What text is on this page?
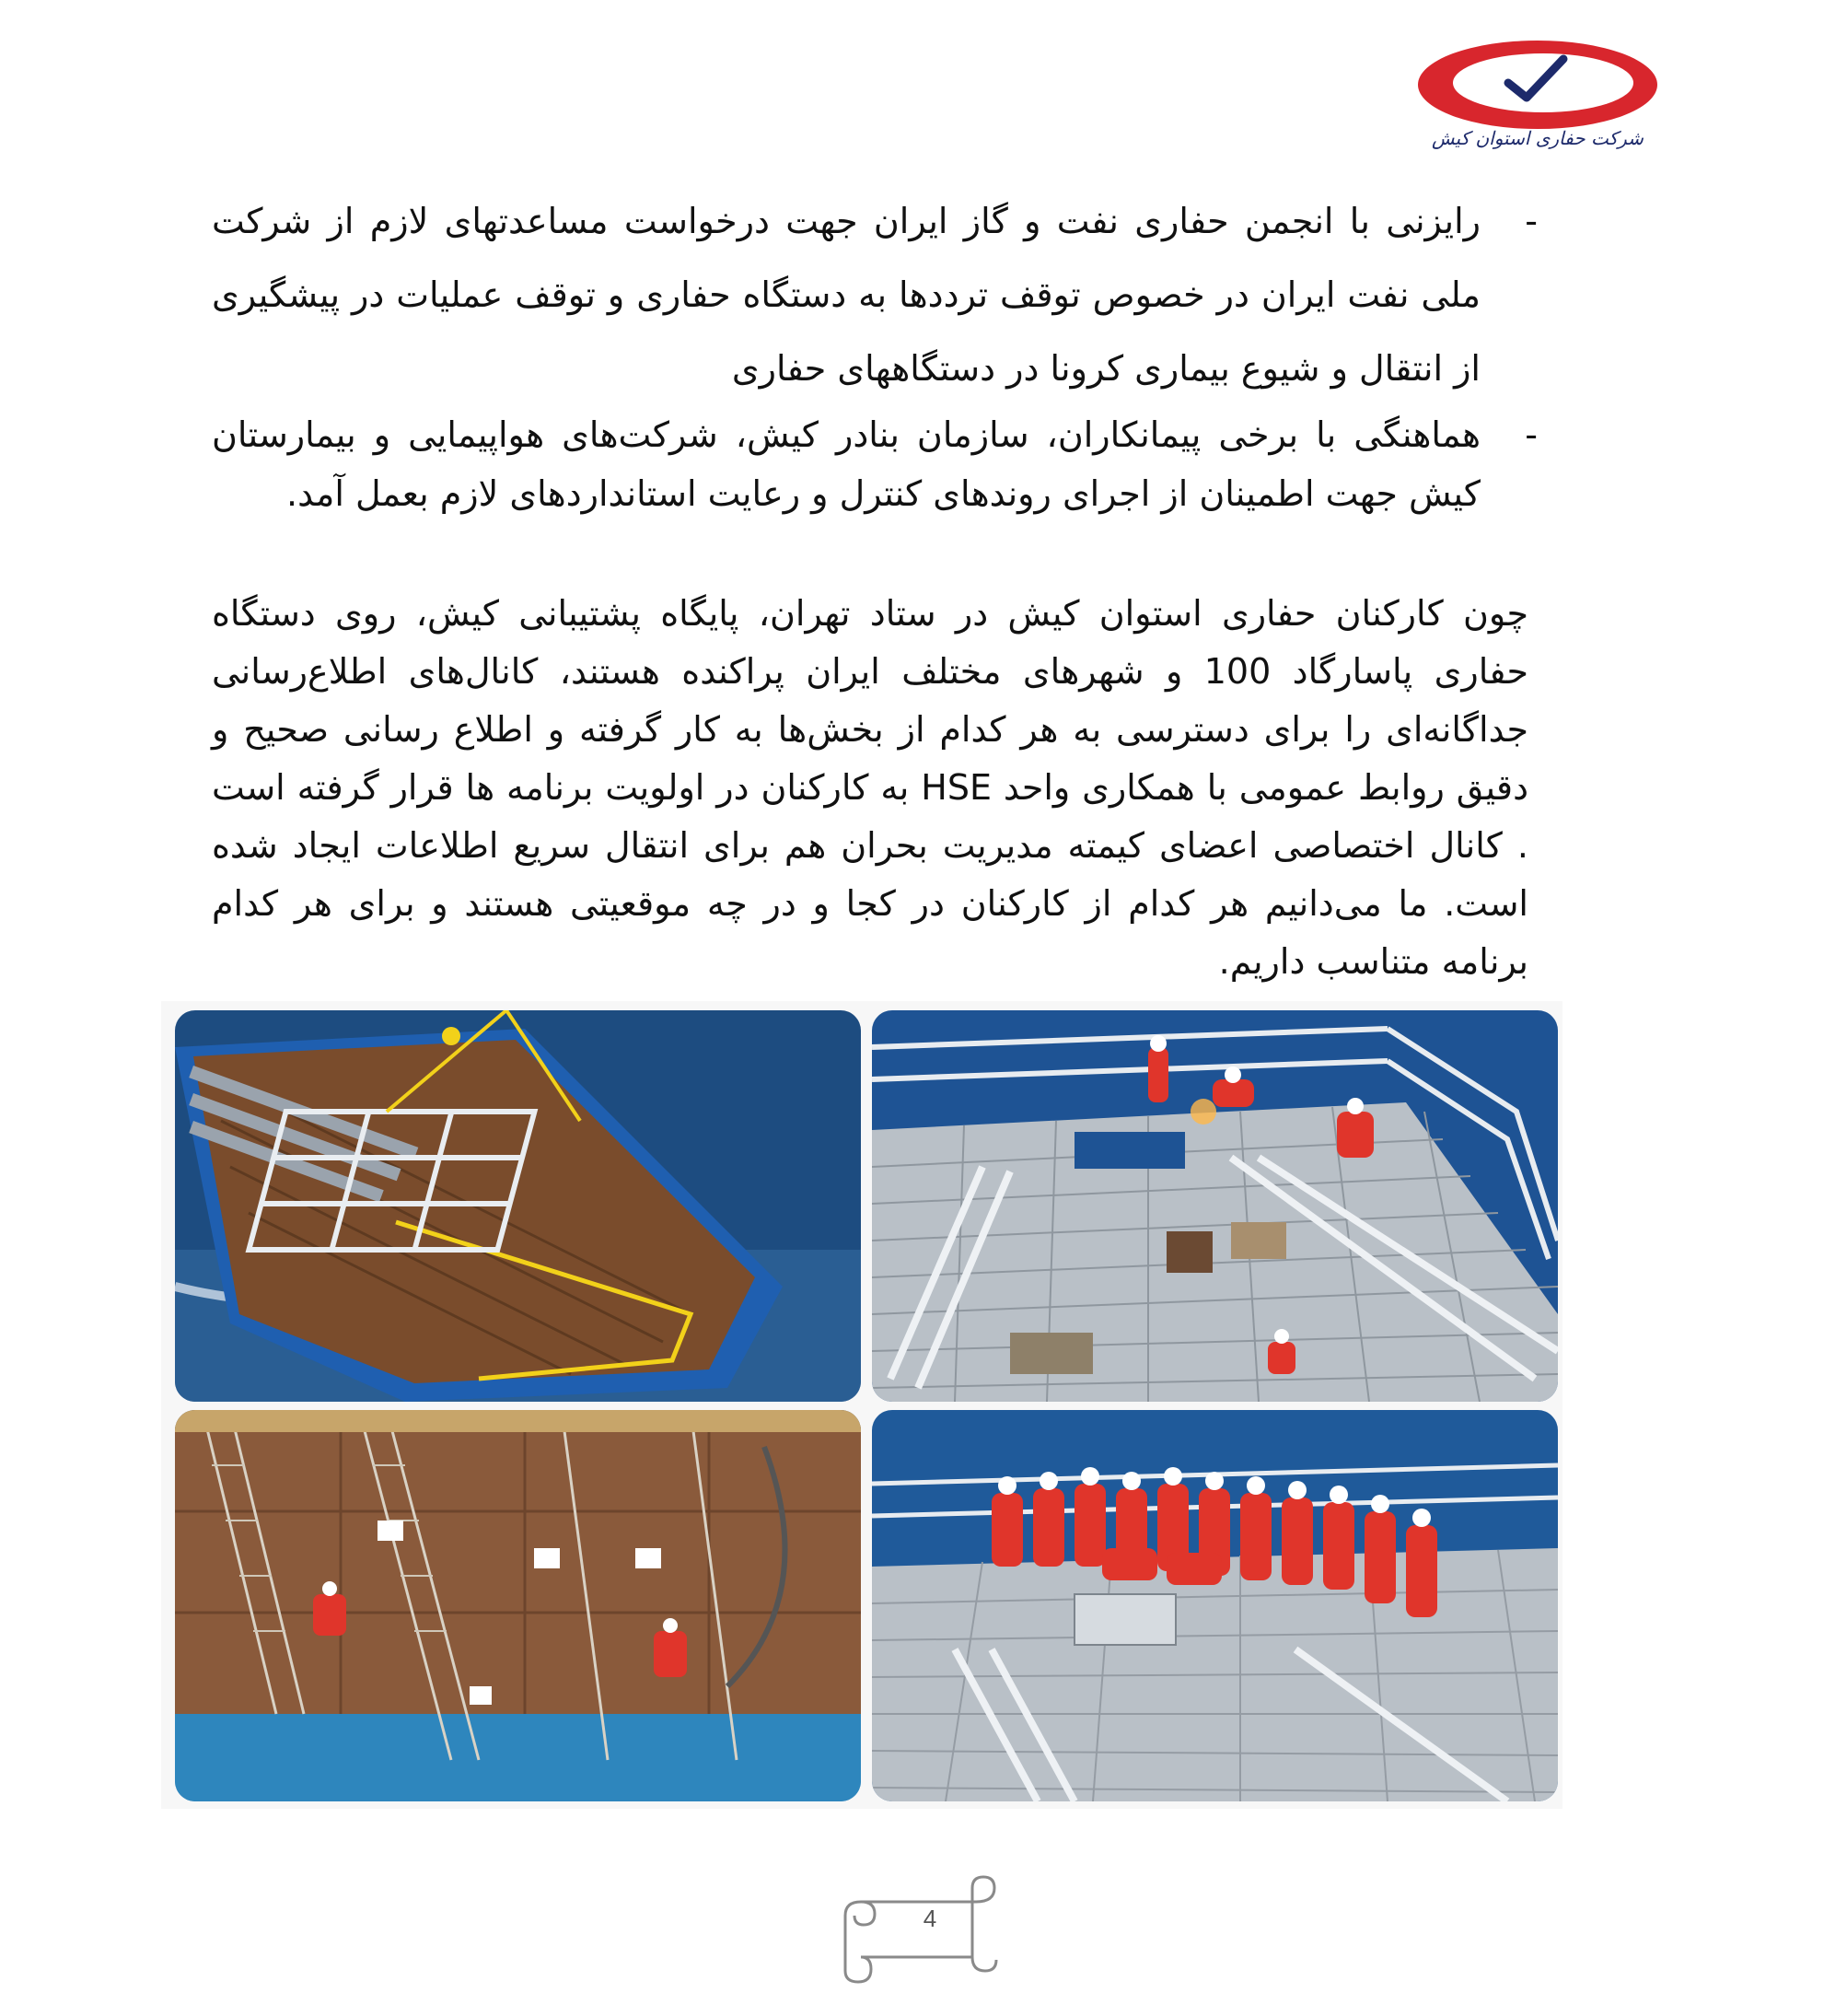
شرکت حفاری استوان کیش

-
رایزنی با انجمن حفاری نفت و گاز ایران جهت درخواست مساعدتهای لازم از شرکت ملی نفت ایران در خصوص توقف ترددها به دستگاه حفاری و توقف عملیات در پیشگیری از انتقال و شیوع بیماری کرونا در دستگاههای حفاری

-
هماهنگی با برخی پیمانکاران، سازمان بنادر کیش، شرکت‌های هواپیمایی و بیمارستان کیش جهت اطمینان از اجرای روندهای کنترل و رعایت استانداردهای لازم بعمل آمد.

چون کارکنان حفاری استوان کیش در ستاد تهران، پایگاه پشتیبانی کیش، روی دستگاه حفاری پاسارگاد 100 و شهرهای مختلف ایران پراکنده هستند، کانال‌های اطلاع‌رسانی جداگانه‌ای را برای دسترسی به هر کدام از بخش‌ها به کار گرفته و اطلاع رسانی صحیح و دقیق روابط عمومی با همکاری واحد HSE به کارکنان در اولویت برنامه ها قرار گرفته است . کانال اختصاصی اعضای کیمته مدیریت بحران هم برای انتقال سریع اطلاعات ایجاد شده است. ما می‌دانیم هر کدام از کارکنان در کجا و در چه موقعیتی هستند و برای هر کدام برنامه متناسب داریم.

4
